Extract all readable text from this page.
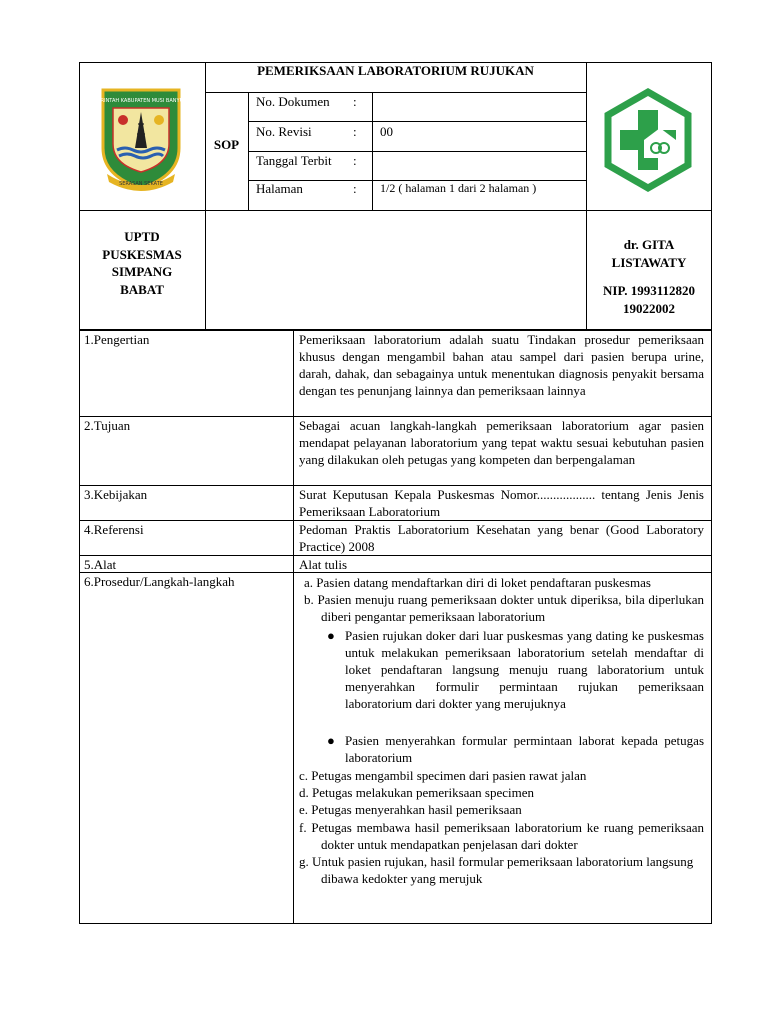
PEMERINTAH KABUPATEN MUSI BANYUASIN
SERASAN SEKATE
PEMERIKSAAN LABORATORIUM RUJUKAN
SOP
No. Dokumen :
No. Revisi	: 00
Tanggal Terbit :
Halaman	: 1/2 ( halaman 1 dari 2 halaman )
UPTD
PUSKESMAS
SIMPANG
BABAT
dr. GITA
LISTAWATY
NIP. 1993112820
19022002
1.Pengertian
2.Tujuan
3.Kebijakan
4.Referensi
5.Alat
6.Prosedur/Langkah-langkah
Pemeriksaan laboratorium adalah suatu Tindakan prosedur pemeriksaan khusus dengan mengambil bahan atau sampel dari pasien berupa urine, darah, dahak, dan sebagainya untuk menentukan diagnosis penyakit bersama dengan tes penunjang lainnya dan pemeriksaan lainnya
Sebagai acuan langkah-langkah pemeriksaan laboratorium agar pasien mendapat pelayanan laboratorium yang tepat waktu sesuai kebutuhan pasien yang dilakukan oleh petugas yang kompeten dan berpengalaman
Surat Keputusan Kepala Puskesmas Nomor.................. tentang Jenis Jenis Pemeriksaan Laboratorium
Pedoman Praktis Laboratorium Kesehatan yang benar (Good Laboratory Practice) 2008
Alat tulis
a. Pasien datang mendaftarkan diri di loket pendaftaran puskesmas
b. Pasien menuju ruang pemeriksaan dokter untuk diperiksa, bila diperlukan diberi pengantar pemeriksaan laboratorium
● Pasien rujukan doker dari luar puskesmas yang dating ke puskesmas untuk melakukan pemeriksaan laboratorium setelah mendaftar di loket pendaftaran langsung menuju ruang laboratorium untuk menyerahkan formulir permintaan rujukan pemeriksaan laboratorium dari dokter yang merujuknya
● Pasien menyerahkan formular permintaan laborat kepada petugas laboratorium
c. Petugas mengambil specimen dari pasien rawat jalan
d. Petugas melakukan pemeriksaan specimen
e. Petugas menyerahkan hasil pemeriksaan
f. Petugas membawa hasil pemeriksaan laboratorium ke ruang pemeriksaan dokter untuk mendapatkan penjelasan dari dokter
g. Untuk pasien rujukan, hasil formular pemeriksaan laboratorium langsung dibawa kedokter yang merujuk
